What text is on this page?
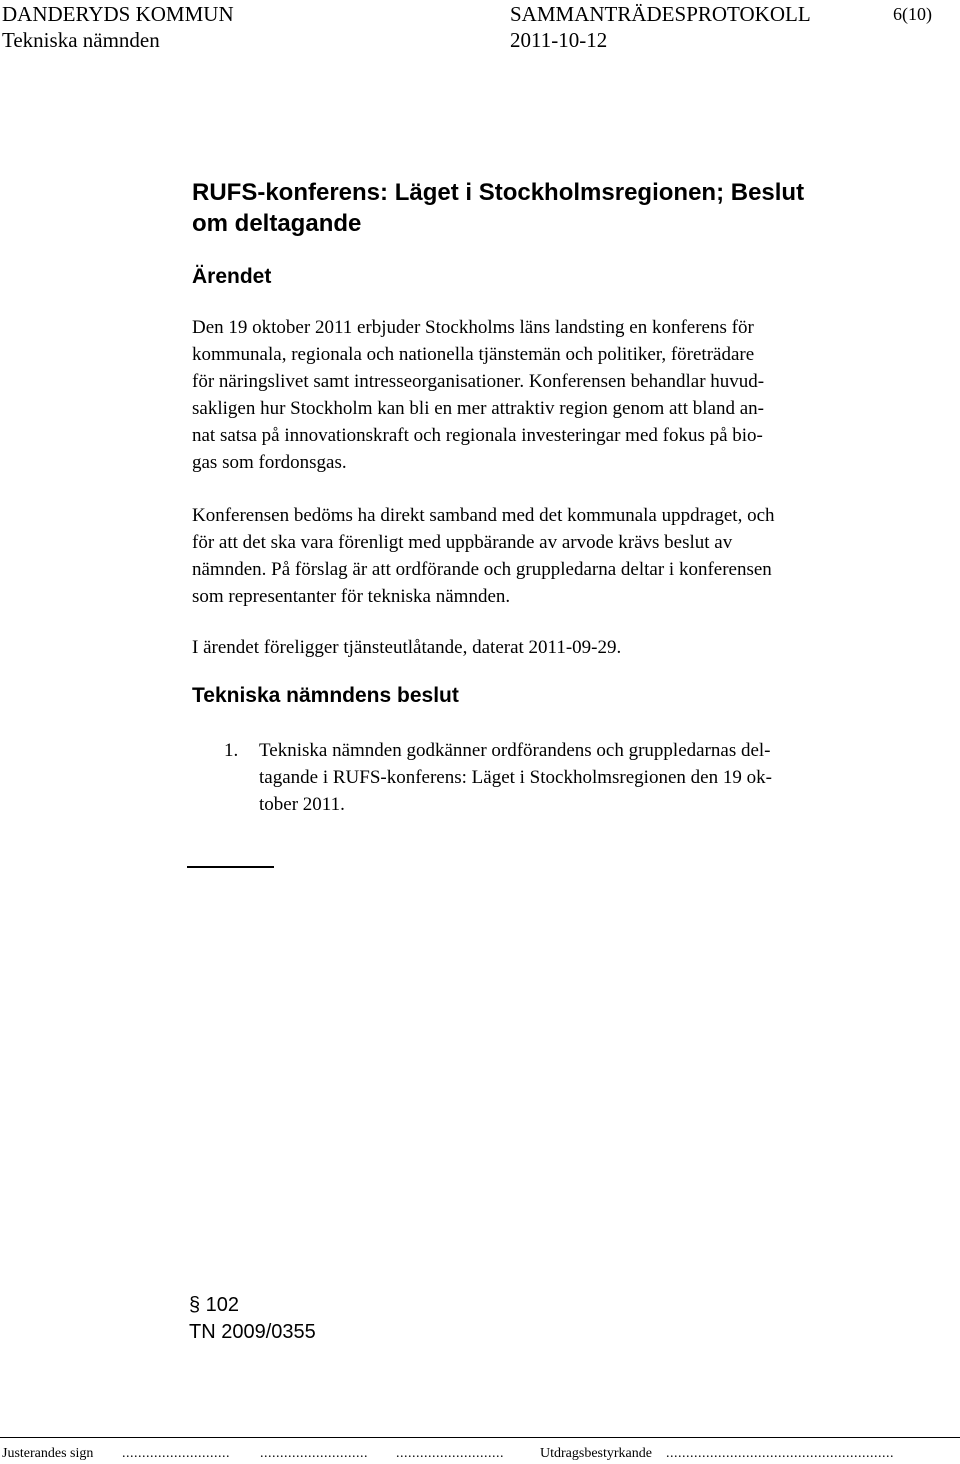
DANDERYDS KOMMUN	SAMMANTRÄDESPROTOKOLL	6(10)
Tekniska nämnden	2011-10-12
RUFS-konferens: Läget i Stockholmsregionen; Beslut
om deltagande
Ärendet
Den 19 oktober 2011 erbjuder Stockholms läns landsting en konferens för
kommunala, regionala och nationella tjänstemän och politiker, företrädare
för näringslivet samt intresseorganisationer. Konferensen behandlar huvud-
sakligen hur Stockholm kan bli en mer attraktiv region genom att bland an-
nat satsa på innovationskraft och regionala investeringar med fokus på bio-
gas som fordonsgas.
Konferensen bedöms ha direkt samband med det kommunala uppdraget, och
för att det ska vara förenligt med uppbärande av arvode krävs beslut av
nämnden. På förslag är att ordförande och gruppledarna deltar i konferensen
som representanter för tekniska nämnden.
I ärendet föreligger tjänsteutlåtande, daterat 2011-09-29.
Tekniska nämndens beslut
1. Tekniska nämnden godkänner ordförandens och gruppledarnas del-
tagande i RUFS-konferens: Läget i Stockholmsregionen den 19 ok-
tober 2011.
§ 102
TN 2009/0355
Justerandes sign ........................... ........................... ...........................	Utdragsbestyrkande .........................................................
